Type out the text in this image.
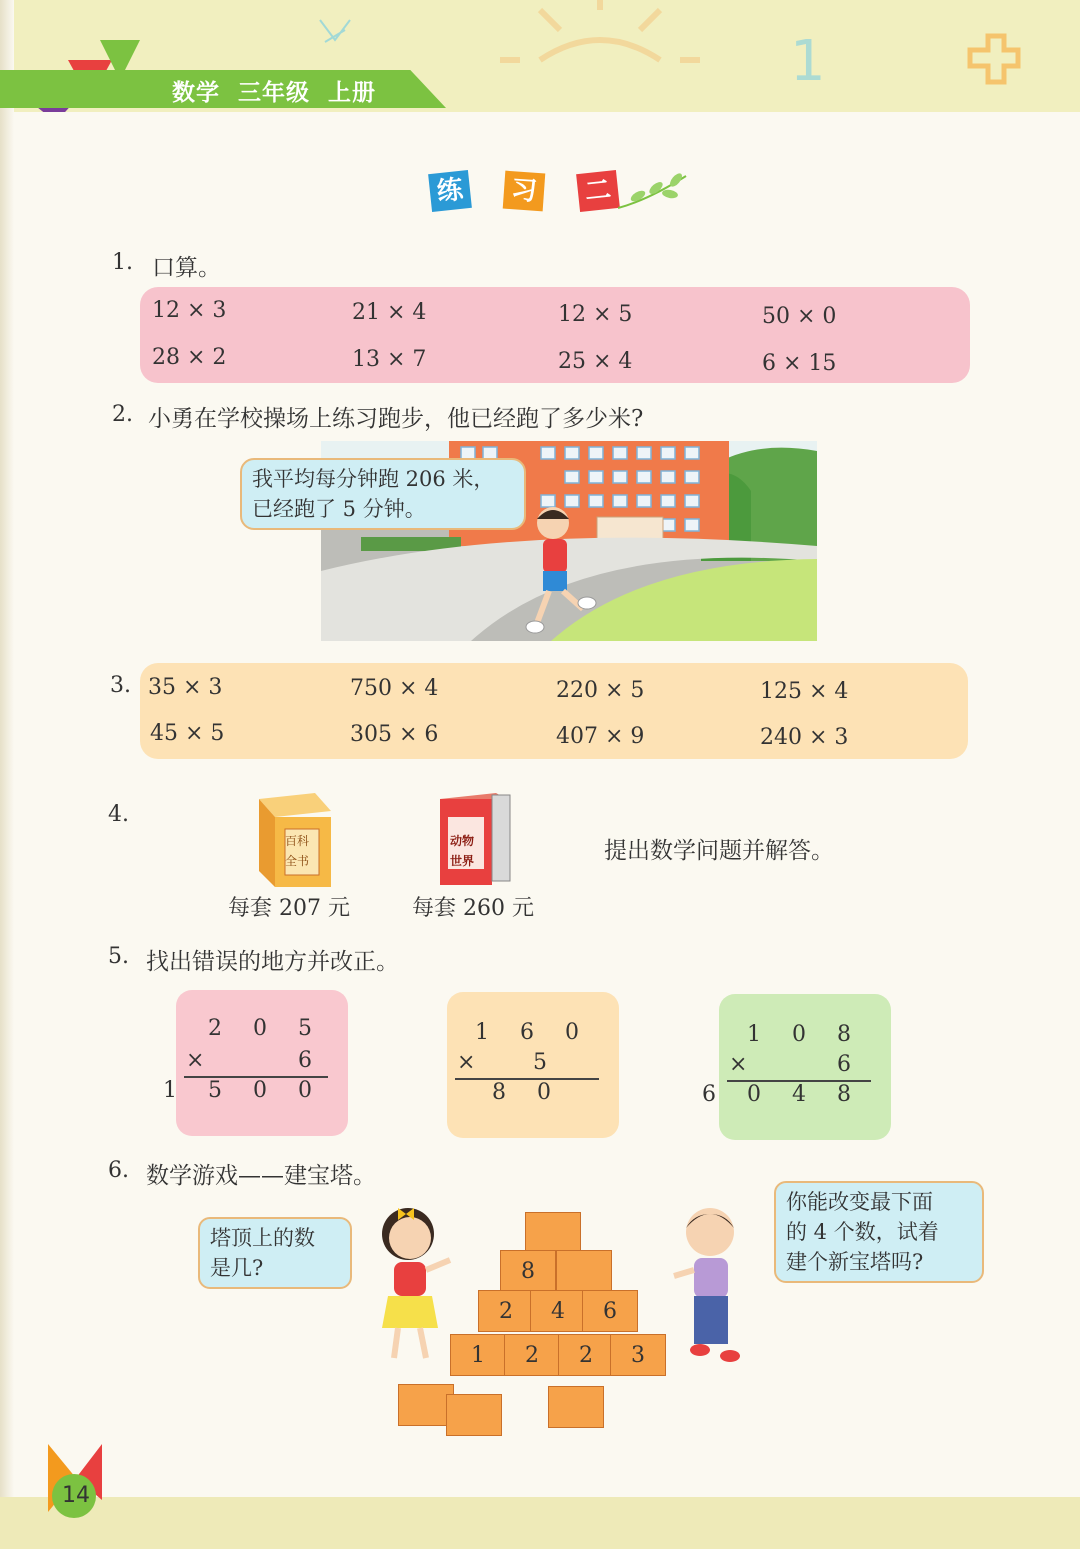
1
数学 三年级 上册
练 习 二
1. 口算。
12 × 3	21 × 4	12 × 5	50 × 0
28 × 2	13 × 7	25 × 4	6 × 15
2. 小勇在学校操场上练习跑步，他已经跑了多少米?
我平均每分钟跑 206 米，
已经跑了 5 分钟。
3. 35 × 3	750 × 4	220 × 5	125 × 4
45 × 5	305 × 6	407 × 9	240 × 3
4.
百科
全书
每套 207 元
动物
世界
每套 260 元
提出数学问题并解答。
5. 找出错误的地方并改正。
2 0 5
×	6
1 5 0 0
1 6 0
×	5
8 0
1 0 8
×	6
6 0 4 8
6. 数学游戏——建宝塔。
塔顶上的数
是几?
你能改变最下面
的 4 个数，试着
建个新宝塔吗?
8
2	4	6
1	2	2	3
14
